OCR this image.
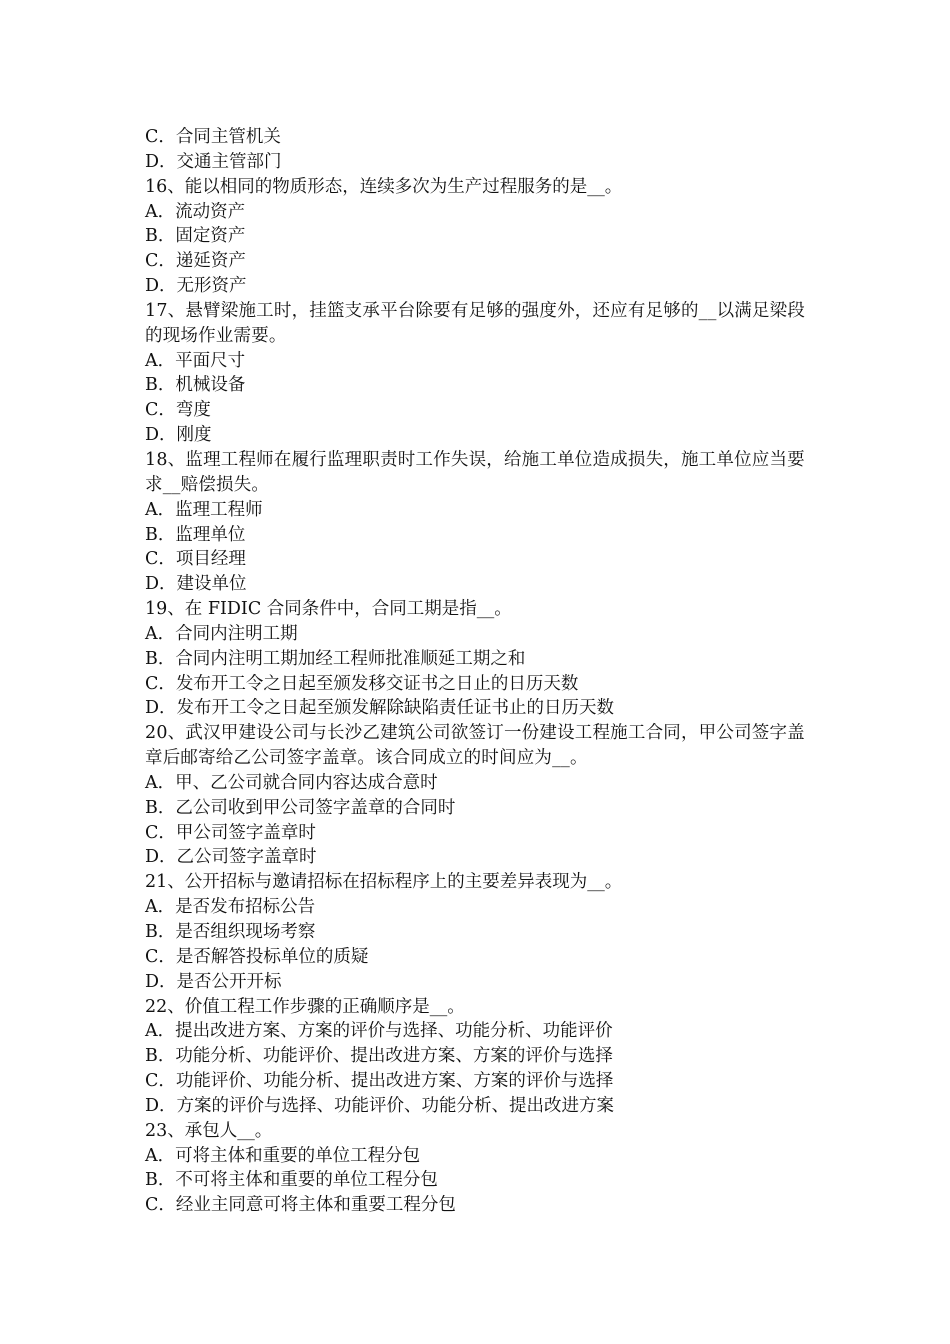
C．合同主管机关
D．交通主管部门
16、能以相同的物质形态，连续多次为生产过程服务的是__。
A．流动资产
B．固定资产
C．递延资产
D．无形资产
17、悬臂梁施工时，挂篮支承平台除要有足够的强度外，还应有足够的__以满足梁段的现场作业需要。
A．平面尺寸
B．机械设备
C．弯度
D．刚度
18、监理工程师在履行监理职责时工作失误，给施工单位造成损失，施工单位应当要求__赔偿损失。
A．监理工程师
B．监理单位
C．项目经理
D．建设单位
19、在 FIDIC 合同条件中，合同工期是指__。
A．合同内注明工期
B．合同内注明工期加经工程师批准顺延工期之和
C．发布开工令之日起至颁发移交证书之日止的日历天数
D．发布开工令之日起至颁发解除缺陷责任证书止的日历天数
20、武汉甲建设公司与长沙乙建筑公司欲签订一份建设工程施工合同，甲公司签字盖章后邮寄给乙公司签字盖章。该合同成立的时间应为__。
A．甲、乙公司就合同内容达成合意时
B．乙公司收到甲公司签字盖章的合同时
C．甲公司签字盖章时
D．乙公司签字盖章时
21、公开招标与邀请招标在招标程序上的主要差异表现为__。
A．是否发布招标公告
B．是否组织现场考察
C．是否解答投标单位的质疑
D．是否公开开标
22、价值工程工作步骤的正确顺序是__。
A．提出改进方案、方案的评价与选择、功能分析、功能评价
B．功能分析、功能评价、提出改进方案、方案的评价与选择
C．功能评价、功能分析、提出改进方案、方案的评价与选择
D．方案的评价与选择、功能评价、功能分析、提出改进方案
23、承包人__。
A．可将主体和重要的单位工程分包
B．不可将主体和重要的单位工程分包
C．经业主同意可将主体和重要工程分包
